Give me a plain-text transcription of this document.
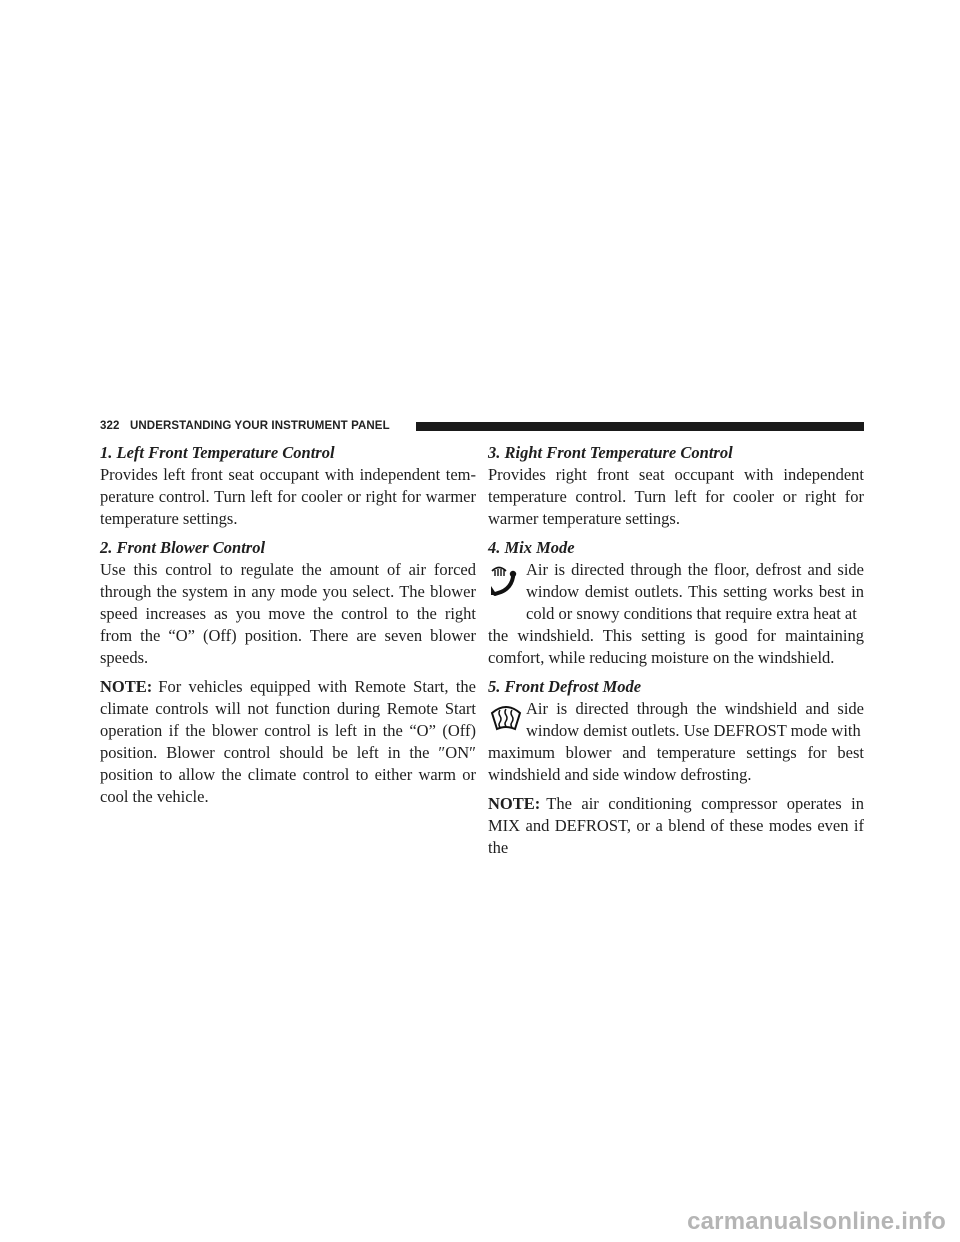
322 UNDERSTANDING YOUR INSTRUMENT PANEL

1. Left Front Temperature Control

Provides left front seat occupant with independent tem-perature control. Turn left for cooler or right for warmer temperature settings.

2. Front Blower Control

Use this control to regulate the amount of air forced through the system in any mode you select. The blower speed increases as you move the control to the right from the “O” (Off) position. There are seven blower speeds.

NOTE: For vehicles equipped with Remote Start, the climate controls will not function during Remote Start operation if the blower control is left in the “O” (Off) position. Blower control should be left in the ″ON″ position to allow the climate control to either warm or cool the vehicle.

3. Right Front Temperature Control

Provides right front seat occupant with independent temperature control. Turn left for cooler or right for warmer temperature settings.

4. Mix Mode

Air is directed through the floor, defrost and side window demist outlets. This setting works best in cold or snowy conditions that require extra heat at

the windshield. This setting is good for maintaining comfort, while reducing moisture on the windshield.

5. Front Defrost Mode

Air is directed through the windshield and side window demist outlets. Use DEFROST mode with

maximum blower and temperature settings for best windshield and side window defrosting.

NOTE: The air conditioning compressor operates in MIX and DEFROST, or a blend of these modes even if the

carmanualsonline.info
